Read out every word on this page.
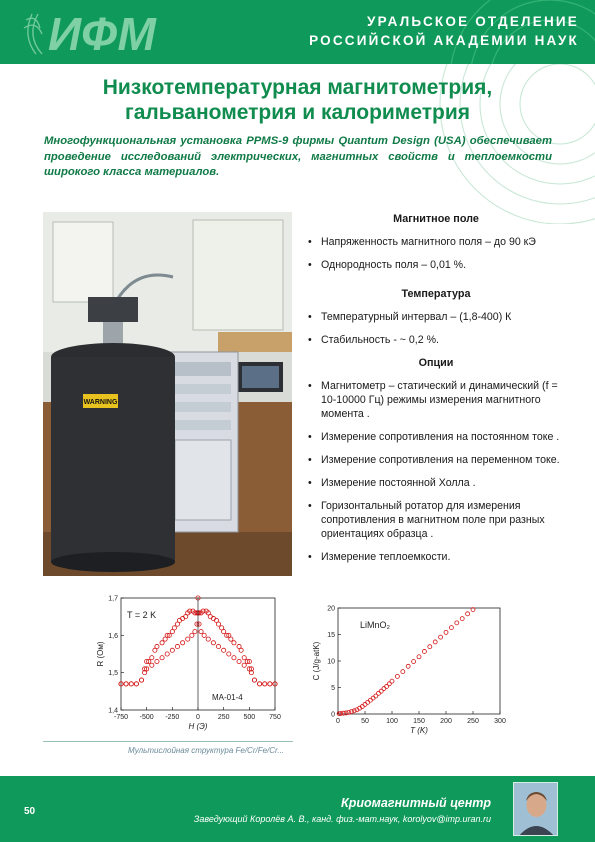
ИФМ	УРАЛЬСКОЕ ОТДЕЛЕНИЕ
РОССИЙСКОЙ АКАДЕМИИ НАУК
Низкотемпературная магнитометрия,
гальванометрия и калориметрия
Многофункциональная установка PPMS-9 фирмы Quantum Design (USA) обеспечивает проведение исследований электрических, магнитных свойств и теплоемкости широкого класса материалов.
WARNING
Магнитное поле
• Напряженность магнитного поля – до 90 кЭ
• Однородность поля – 0,01 %.
Температура
• Температурный интервал – (1,8-400) К
• Стабильность - ~ 0,2 %.
Опции
• Магнитометр – статический и динамический (f = 10-10000 Гц) режимы измерения магнитного момента .
• Измерение сопротивления на постоянном токе .
• Измерение сопротивления на переменном токе.
• Измерение постоянной Холла .
• Горизонтальный ротатор для измерения сопротивления в магнитном поле при разных ориентациях образца .
• Измерение теплоемкости.
-750 -500 -250 0	250 500 750
1,4
1,5
1,6
1,7
H (Э)
R (Ом)
T = 2 K
MA-01-4
0	50 100 150 200 250 300
0
5
10
15
20
T (K)
C (J/g-atK)
LiMnO₂
Мультислойная структура Fe/Cr/Fe/Cr...
50
Криомагнитный центр
Заведующий Королёв А. В., канд. физ.-мат.наук, korolyov@imp.uran.ru
